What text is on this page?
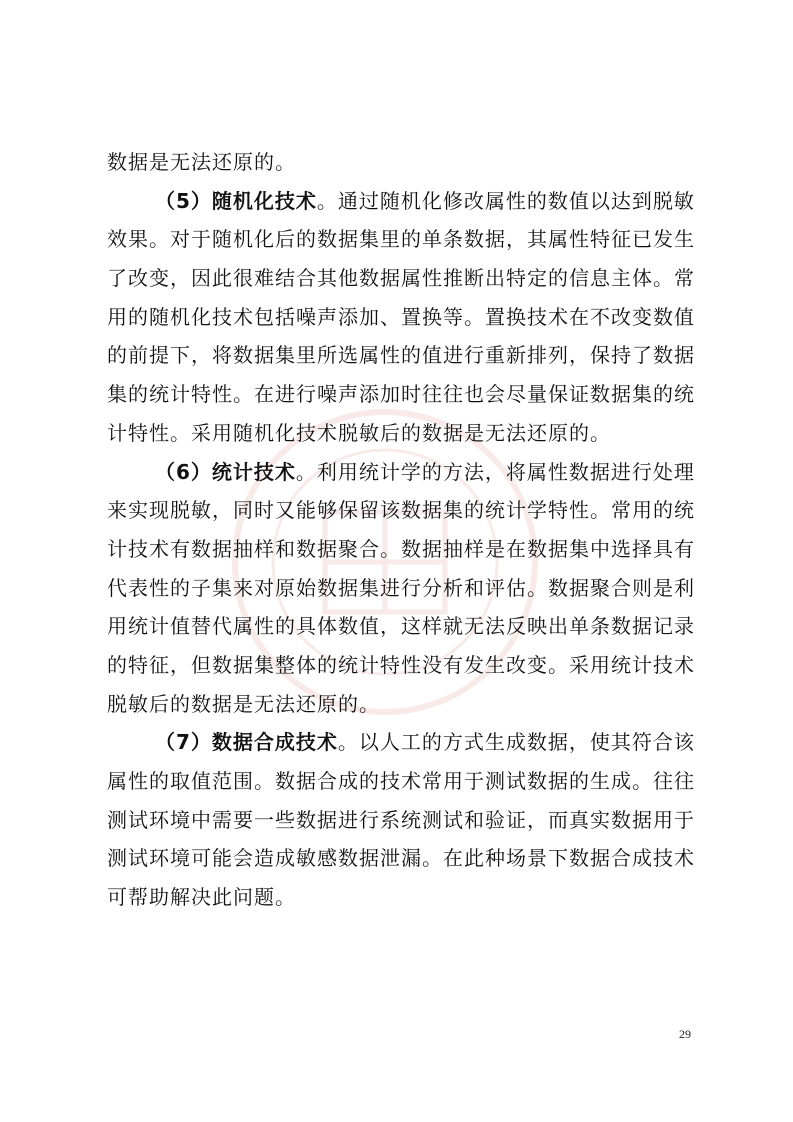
数据是无法还原的。
（5）随机化技术。通过随机化修改属性的数值以达到脱敏
效果。对于随机化后的数据集里的单条数据，其属性特征已发生
了改变，因此很难结合其他数据属性推断出特定的信息主体。常
用的随机化技术包括噪声添加、置换等。置换技术在不改变数值
的前提下，将数据集里所选属性的值进行重新排列，保持了数据
集的统计特性。在进行噪声添加时往往也会尽量保证数据集的统
计特性。采用随机化技术脱敏后的数据是无法还原的。
（6）统计技术。利用统计学的方法，将属性数据进行处理
来实现脱敏，同时又能够保留该数据集的统计学特性。常用的统
计技术有数据抽样和数据聚合。数据抽样是在数据集中选择具有
代表性的子集来对原始数据集进行分析和评估。数据聚合则是利
用统计值替代属性的具体数值，这样就无法反映出单条数据记录
的特征，但数据集整体的统计特性没有发生改变。采用统计技术
脱敏后的数据是无法还原的。
（7）数据合成技术。以人工的方式生成数据，使其符合该
属性的取值范围。数据合成的技术常用于测试数据的生成。往往
测试环境中需要一些数据进行系统测试和验证，而真实数据用于
测试环境可能会造成敏感数据泄漏。在此种场景下数据合成技术
可帮助解决此问题。
29
